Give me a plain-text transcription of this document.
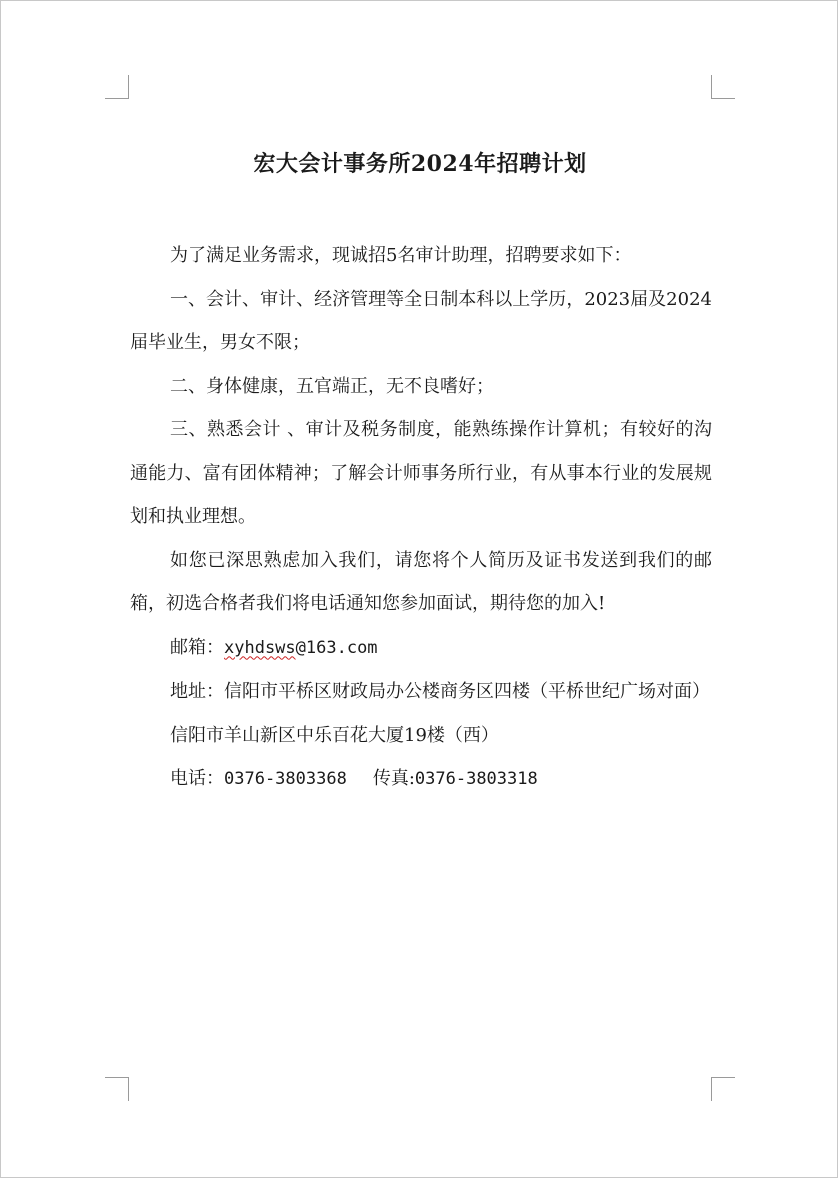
宏大会计事务所2024年招聘计划

为了满足业务需求，现诚招5名审计助理，招聘要求如下：

一、会计、审计、经济管理等全日制本科以上学历，2023届及2024届毕业生，男女不限；

二、身体健康，五官端正，无不良嗜好；

三、熟悉会计 、审计及税务制度，能熟练操作计算机；有较好的沟通能力、富有团体精神；了解会计师事务所行业，有从事本行业的发展规划和执业理想。

如您已深思熟虑加入我们，请您将个人简历及证书发送到我们的邮箱，初选合格者我们将电话通知您参加面试，期待您的加入!

邮箱：xyhdsws@163.com

地址：信阳市平桥区财政局办公楼商务区四楼（平桥世纪广场对面）

信阳市羊山新区中乐百花大厦19楼（西）

电话：0376-3803368 传真:0376-3803318
